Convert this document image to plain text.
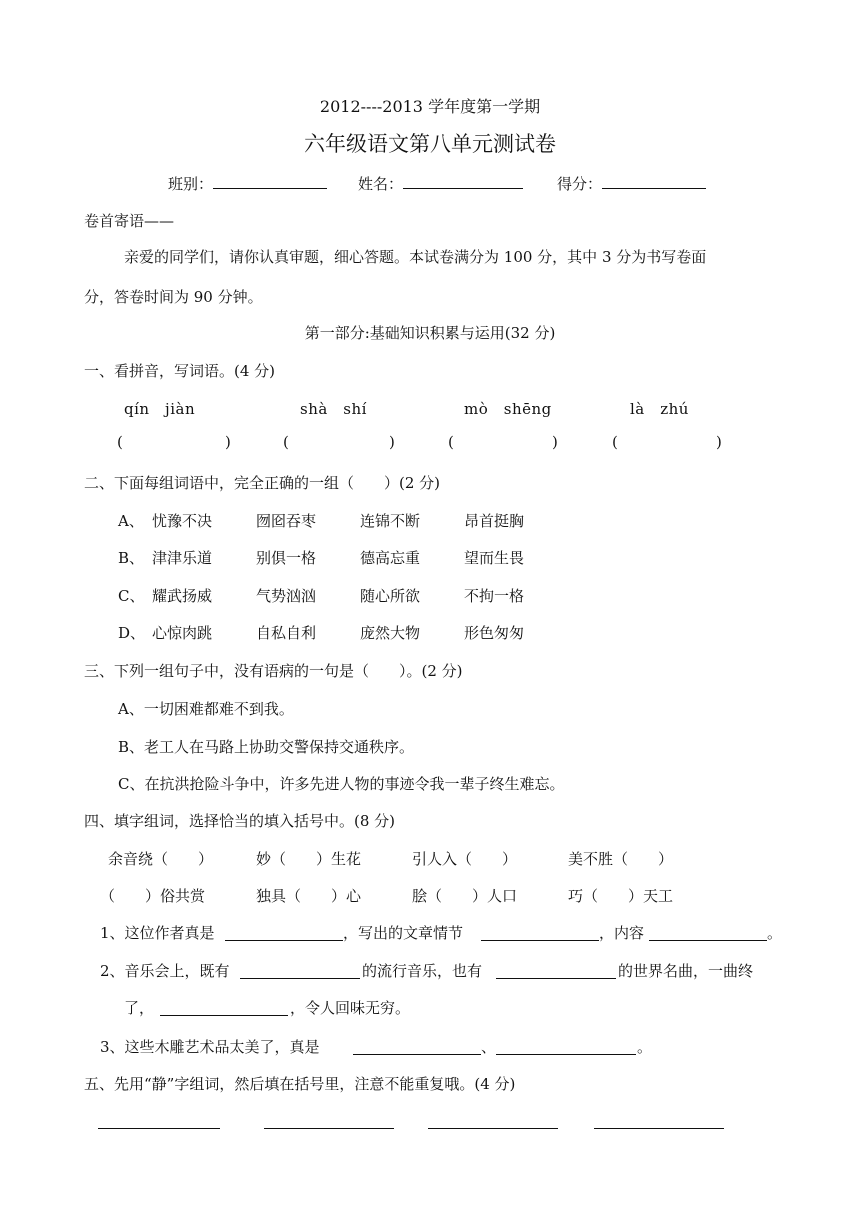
2012----2013 学年度第一学期
六年级语文第八单元测试卷
班别：	姓名：	得分：
卷首寄语——
亲爱的同学们，请你认真审题，细心答题。本试卷满分为 100 分，其中 3 分为书写卷面
分，答卷时间为 90 分钟。
第一部分:基础知识积累与运用(32 分)
一、看拼音，写词语。(4 分)
qín　jiàn	shà　shí	mò　shēng	là　zhú
(	)	(	)	(	)	(	)
二、下面每组词语中，完全正确的一组（　　）(2 分)
A、 忧豫不决	囫囵吞枣	连锦不断	昂首挺胸
B、 津津乐道	别俱一格	德高忘重	望而生畏
C、 耀武扬威	气势汹汹	随心所欲	不拘一格
D、 心惊肉跳	自私自利	庞然大物	形色匆匆
三、下列一组句子中，没有语病的一句是（　　）。(2 分)
A、一切困难都难不到我。
B、老工人在马路上协助交警保持交通秩序。
C、在抗洪抢险斗争中，许多先进人物的事迹令我一辈子终生难忘。
四、填字组词，选择恰当的填入括号中。(8 分)
余音绕（　　）	妙（　　）生花	引人入（　　）	美不胜（　　）
（　　）俗共赏	独具（　　）心	脍（　　）人口	巧（　　）天工
1、这位作者真是	，写出的文章情节	，内容	。
2、音乐会上，既有	的流行音乐，也有	的世界名曲，一曲终
了，	，令人回味无穷。
3、这些木雕艺术品太美了，真是	、	。
五、先用“静”字组词，然后填在括号里，注意不能重复哦。(4 分)
